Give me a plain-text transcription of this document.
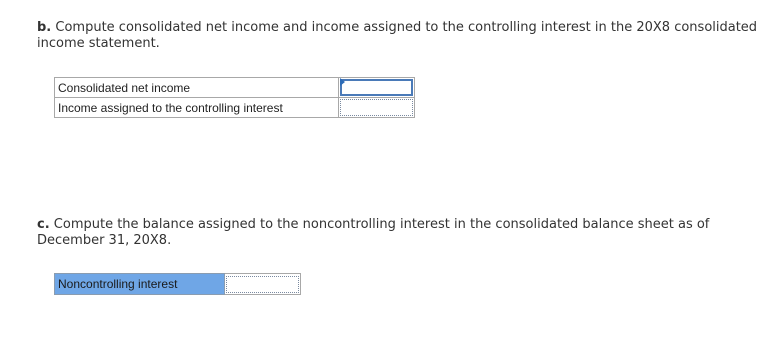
b. Compute consolidated net income and income assigned to the controlling interest in the 20X8 consolidated income statement.
Consolidated net income	

Income assigned to the controlling interest	
c. Compute the balance assigned to the noncontrolling interest in the consolidated balance sheet as of December 31, 20X8.
Noncontrolling interest	
